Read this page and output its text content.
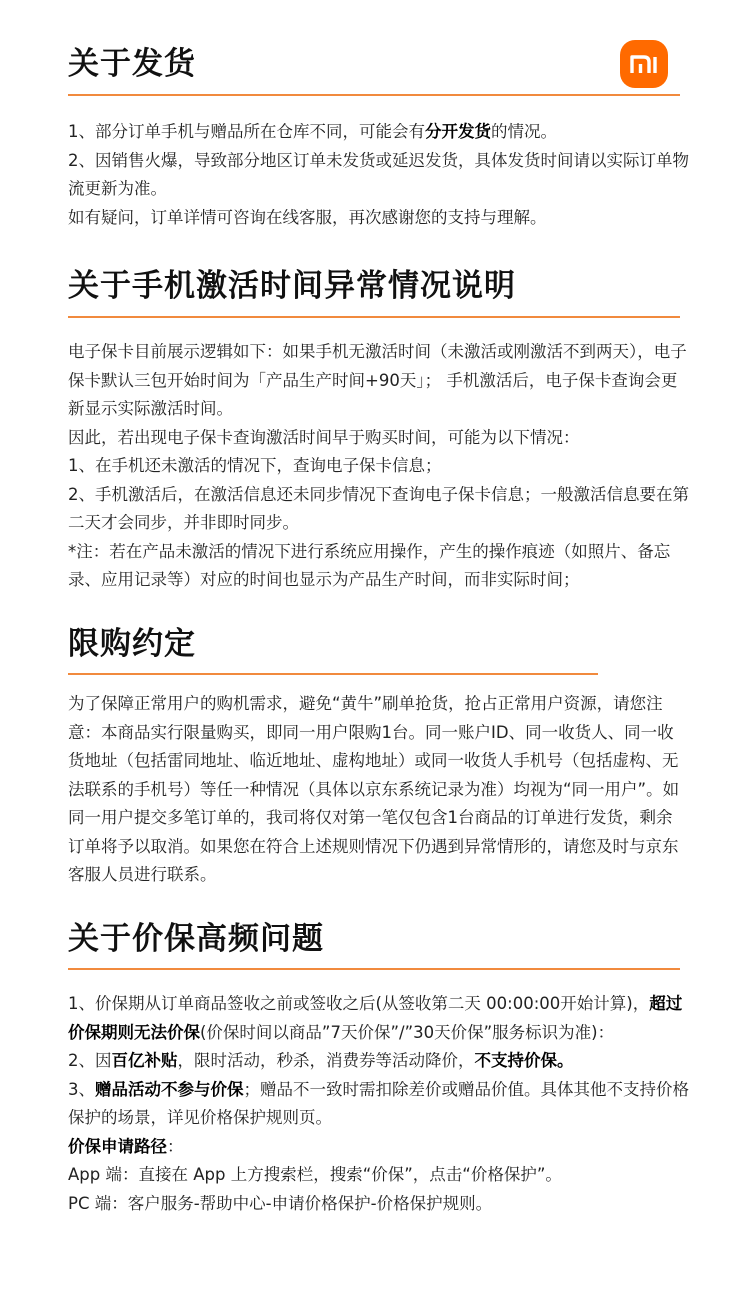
关于发货

1、部分订单手机与赠品所在仓库不同，可能会有分开发货的情况。

2、因销售火爆，导致部分地区订单未发货或延迟发货，具体发货时间请以实际订单物流更新为准。

如有疑问，订单详情可咨询在线客服，再次感谢您的支持与理解。

关于手机激活时间异常情况说明

电子保卡目前展示逻辑如下：如果手机无激活时间（未激活或刚激活不到两天），电子保卡默认三包开始时间为「产品生产时间+90天」； 手机激活后，电子保卡查询会更新显示实际激活时间。

因此，若出现电子保卡查询激活时间早于购买时间，可能为以下情况：

1、在手机还未激活的情况下，查询电子保卡信息；

2、手机激活后，在激活信息还未同步情况下查询电子保卡信息；一般激活信息要在第二天才会同步，并非即时同步。

*注：若在产品未激活的情况下进行系统应用操作，产生的操作痕迹（如照片、备忘录、应用记录等）对应的时间也显示为产品生产时间，而非实际时间；

限购约定

为了保障正常用户的购机需求，避免“黄牛”刷单抢货，抢占正常用户资源，请您注意：本商品实行限量购买，即同一用户限购1台。同一账户ID、同一收货人、同一收货地址（包括雷同地址、临近地址、虚构地址）或同一收货人手机号（包括虚构、无法联系的手机号）等任一种情况（具体以京东系统记录为准）均视为“同一用户”。如同一用户提交多笔订单的，我司将仅对第一笔仅包含1台商品的订单进行发货，剩余订单将予以取消。如果您在符合上述规则情况下仍遇到异常情形的，请您及时与京东客服人员进行联系。

关于价保高频问题

1、价保期从订单商品签收之前或签收之后(从签收第二天 00:00:00开始计算)，超过价保期则无法价保(价保时间以商品”7天价保”/”30天价保”服务标识为准)：

2、因百亿补贴，限时活动，秒杀，消费券等活动降价，不支持价保。

3、赠品活动不参与价保；赠品不一致时需扣除差价或赠品价值。具体其他不支持价格保护的场景，详见价格保护规则页。

价保申请路径：

App 端：直接在 App 上方搜索栏，搜索“价保”，点击“价格保护”。

PC 端：客户服务-帮助中心-申请价格保护-价格保护规则。
